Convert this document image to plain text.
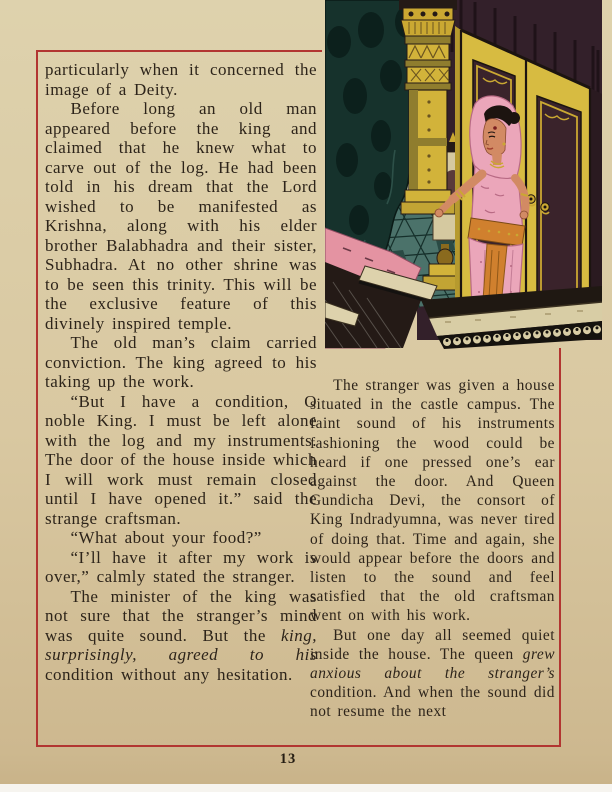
particularly when it concerned the image of a Deity.

Before long an old man appeared before the king and claimed that he knew what to carve out of the log. He had been told in his dream that the Lord wished to be manifested as Krishna, along with his elder brother Balabhadra and their sister, Subhadra. At no other shrine was to be seen this trinity. This will be the exclusive feature of this divinely inspired temple.

The old man’s claim carried conviction. The king agreed to his taking up the work.

“But I have a condition, O noble King. I must be left alone with the log and my instruments. The door of the house inside which I will work must remain closed until I have opened it.” said the strange craftsman.

“What about your food?”

“I’ll have it after my work is over,” calmly stated the stranger.

The minister of the king was not sure that the stranger’s mind was quite sound. But the king, surprisingly, agreed to his condition without any hesitation.

The stranger was given a house situated in the castle campus. The faint sound of his instruments fashioning the wood could be heard if one pressed one’s ear against the door. And Queen Gundicha Devi, the consort of King Indradyumna, was never tired of doing that. Time and again, she would appear before the doors and listen to the sound and feel satisfied that the old craftsman went on with his work.

But one day all seemed quiet inside the house. The queen grew anxious about the stranger’s condition. And when the sound did not resume the next

13
